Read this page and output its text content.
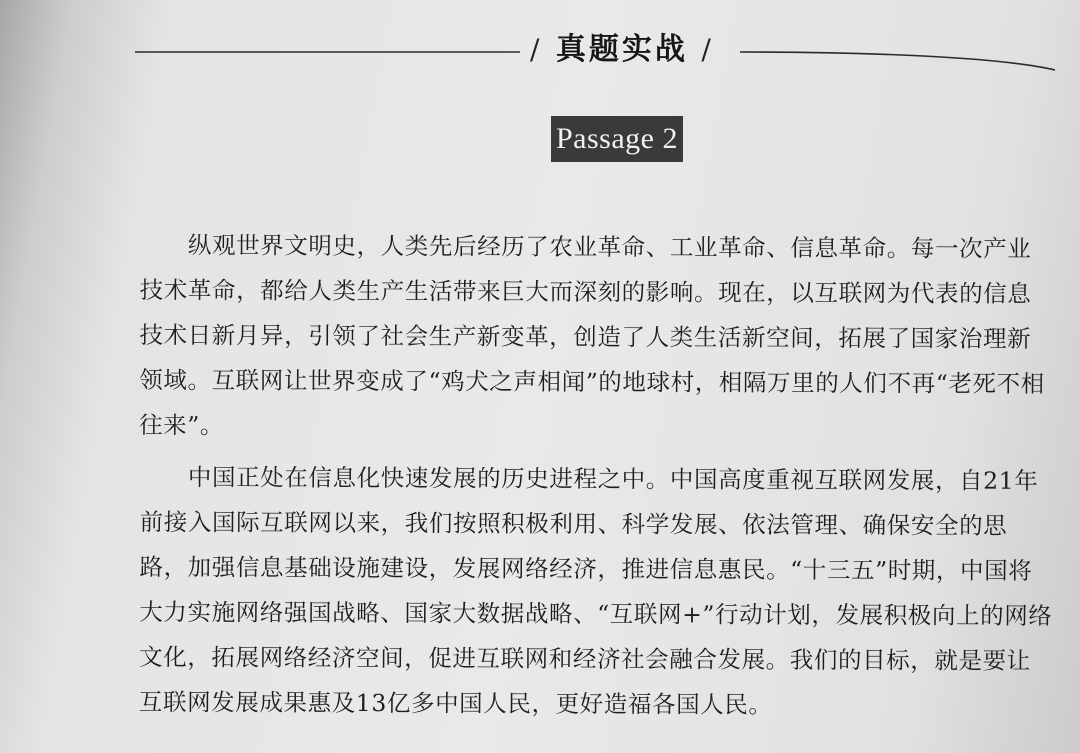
/ 真题实战 /
Passage 2

纵观世界文明史，人类先后经历了农业革命、工业革命、信息革命。每一次产业技术革命，都给人类生产生活带来巨大而深刻的影响。现在，以互联网为代表的信息技术日新月异，引领了社会生产新变革，创造了人类生活新空间，拓展了国家治理新领域。互联网让世界变成了“鸡犬之声相闻”的地球村，相隔万里的人们不再“老死不相往来”。

中国正处在信息化快速发展的历史进程之中。中国高度重视互联网发展，自21年前接入国际互联网以来，我们按照积极利用、科学发展、依法管理、确保安全的思路，加强信息基础设施建设，发展网络经济，推进信息惠民。“十三五”时期，中国将大力实施网络强国战略、国家大数据战略、“互联网+”行动计划，发展积极向上的网络文化，拓展网络经济空间，促进互联网和经济社会融合发展。我们的目标，就是要让互联网发展成果惠及13亿多中国人民，更好造福各国人民。
